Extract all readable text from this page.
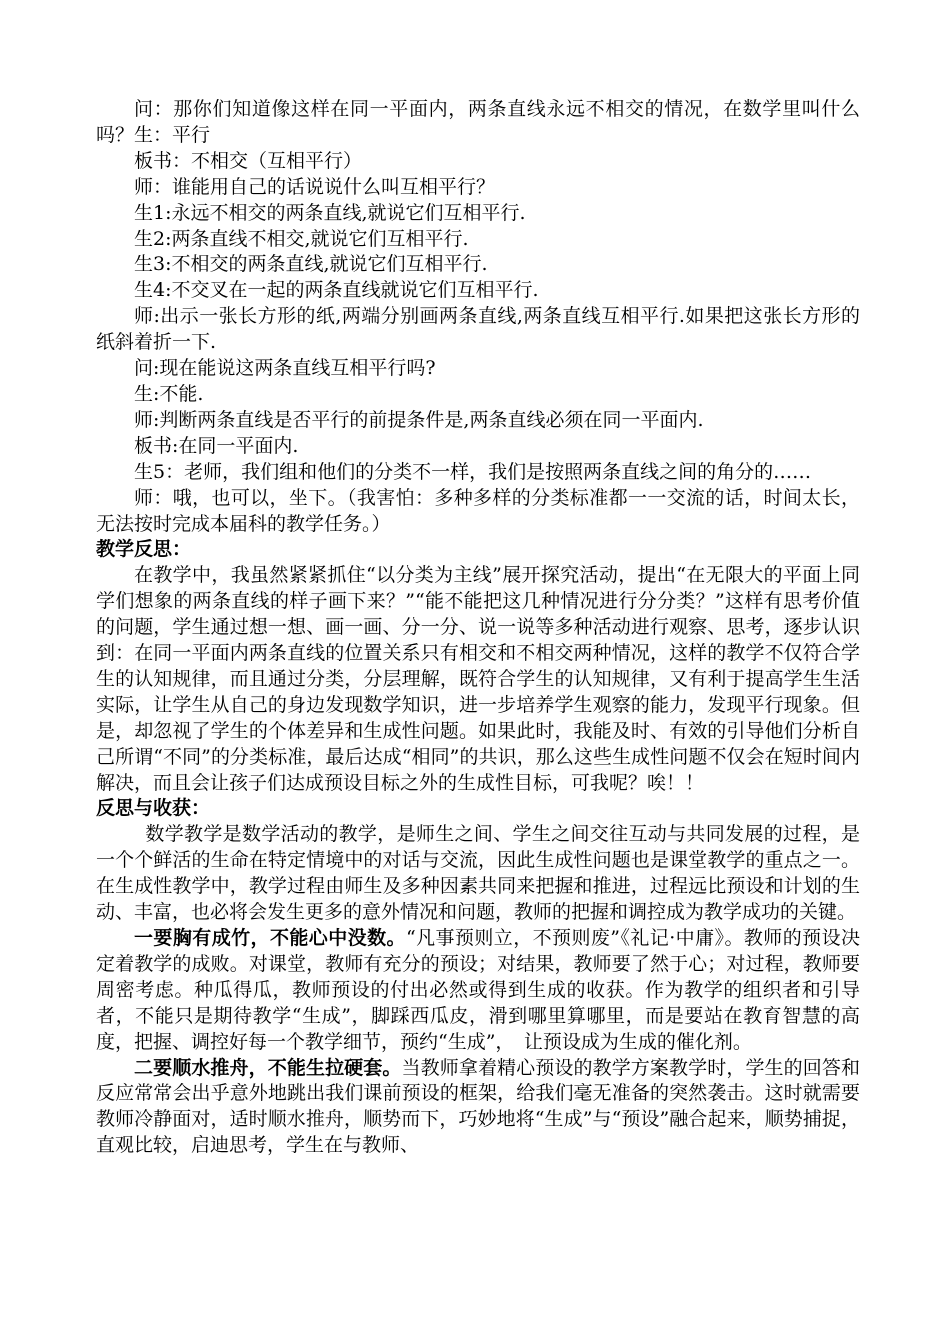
问：那你们知道像这样在同一平面内，两条直线永远不相交的情况，在数学里叫什么吗？生：平行

板书：不相交（互相平行）

师：谁能用自己的话说说什么叫互相平行？

生1:永远不相交的两条直线,就说它们互相平行.

生2:两条直线不相交,就说它们互相平行.

生3:不相交的两条直线,就说它们互相平行.

生4:不交叉在一起的两条直线就说它们互相平行.

师:出示一张长方形的纸,两端分别画两条直线,两条直线互相平行.如果把这张长方形的纸斜着折一下.

问:现在能说这两条直线互相平行吗?

生:不能.

师:判断两条直线是否平行的前提条件是,两条直线必须在同一平面内.

板书:在同一平面内.

生5：老师，我们组和他们的分类不一样，我们是按照两条直线之间的角分的……

师：哦，也可以，坐下。（我害怕：多种多样的分类标准都一一交流的话，时间太长，无法按时完成本届科的教学任务。）

教学反思：

在教学中，我虽然紧紧抓住“以分类为主线”展开探究活动，提出“在无限大的平面上同学们想象的两条直线的样子画下来？”“能不能把这几种情况进行分分类？”这样有思考价值的问题，学生通过想一想、画一画、分一分、说一说等多种活动进行观察、思考，逐步认识到：在同一平面内两条直线的位置关系只有相交和不相交两种情况，这样的教学不仅符合学生的认知规律，而且通过分类，分层理解，既符合学生的认知规律，又有利于提高学生生活实际，让学生从自己的身边发现数学知识，进一步培养学生观察的能力，发现平行现象。但是，却忽视了学生的个体差异和生成性问题。如果此时，我能及时、有效的引导他们分析自己所谓“不同”的分类标准，最后达成“相同”的共识，那么这些生成性问题不仅会在短时间内解决，而且会让孩子们达成预设目标之外的生成性目标，可我呢？唉！！

反思与收获：

数学教学是数学活动的教学，是师生之间、学生之间交往互动与共同发展的过程，是一个个鲜活的生命在特定情境中的对话与交流，因此生成性问题也是课堂教学的重点之一。在生成性教学中，教学过程由师生及多种因素共同来把握和推进，过程远比预设和计划的生动、丰富，也必将会发生更多的意外情况和问题，教师的把握和调控成为教学成功的关键。

一要胸有成竹，不能心中没数。“凡事预则立，不预则废”《礼记·中庸》。教师的预设决定着教学的成败。对课堂，教师有充分的预设；对结果，教师要了然于心；对过程，教师要周密考虑。种瓜得瓜，教师预设的付出必然或得到生成的收获。作为教学的组织者和引导者，不能只是期待教学“生成”，脚踩西瓜皮，滑到哪里算哪里，而是要站在教育智慧的高度，把握、调控好每一个教学细节，预约“生成”，　让预设成为生成的催化剂。

二要顺水推舟，不能生拉硬套。当教师拿着精心预设的教学方案教学时，学生的回答和反应常常会出乎意外地跳出我们课前预设的框架，给我们毫无准备的突然袭击。这时就需要教师冷静面对，适时顺水推舟，顺势而下，巧妙地将“生成”与“预设”融合起来，顺势捕捉，直观比较，启迪思考，学生在与教师、
